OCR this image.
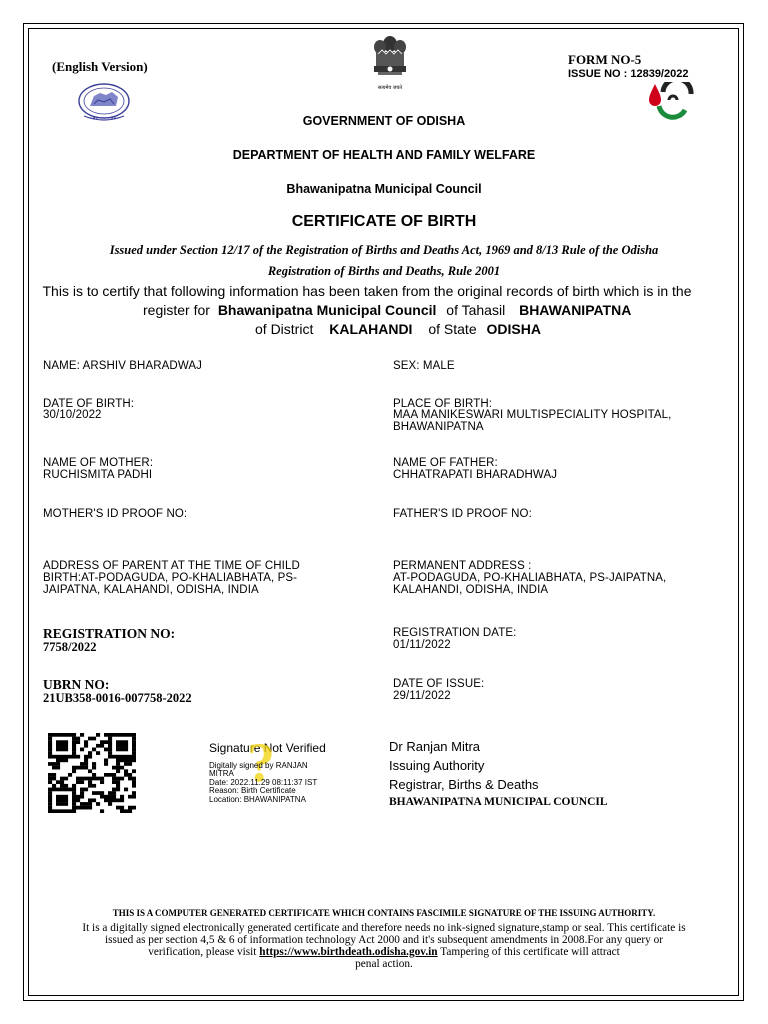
(English Version)
सत्यमेव जयते
FORM NO-5
ISSUE NO : 12839/2022
GOVERNMENT OF ODISHA
DEPARTMENT OF HEALTH AND FAMILY WELFARE
Bhawanipatna Municipal Council
CERTIFICATE OF BIRTH
Issued under Section 12/17 of the Registration of Births and Deaths Act, 1969 and 8/13 Rule of the Odisha
Registration of Births and Deaths, Rule 2001
This is to certify that following information has been taken from the original records of birth which is in the
register for Bhawanipatna Municipal Council of Tahasil BHAWANIPATNA
of District KALAHANDI of State ODISHA
NAME: ARSHIV BHARADWAJ
DATE OF BIRTH:
30/10/2022
NAME OF MOTHER:
RUCHISMITA PADHI
MOTHER'S ID PROOF NO:
ADDRESS OF PARENT AT THE TIME OF CHILD
BIRTH:AT-PODAGUDA, PO-KHALIABHATA, PS-
JAIPATNA, KALAHANDI, ODISHA, INDIA
REGISTRATION NO:
7758/2022
UBRN NO:
21UB358-0016-007758-2022
SEX: MALE
PLACE OF BIRTH:
MAA MANIKESWARI MULTISPECIALITY HOSPITAL,
BHAWANIPATNA
NAME OF FATHER:
CHHATRAPATI BHARADHWAJ
FATHER'S ID PROOF NO:
PERMANENT ADDRESS :
AT-PODAGUDA, PO-KHALIABHATA, PS-JAIPATNA,
KALAHANDI, ODISHA, INDIA
REGISTRATION DATE:
01/11/2022
DATE OF ISSUE:
29/11/2022
Signature Not Verified
?
Digitally signed by RANJAN
MITRA
Date: 2022.11.29 08:11:37 IST
Reason: Birth Certificate
Location: BHAWANIPATNA
Dr Ranjan Mitra
Issuing Authority
Registrar, Births & Deaths
BHAWANIPATNA MUNICIPAL COUNCIL
THIS IS A COMPUTER GENERATED CERTIFICATE WHICH CONTAINS FASCIMILE SIGNATURE OF THE ISSUING AUTHORITY.
It is a digitally signed electronically generated certificate and therefore needs no ink-signed signature,stamp or seal. This certificate is
issued as per section 4,5 & 6 of information technology Act 2000 and it's subsequent amendments in 2008.For any query or
verification, please visit https://www.birthdeath.odisha.gov.in Tampering of this certificate will attract
penal action.
